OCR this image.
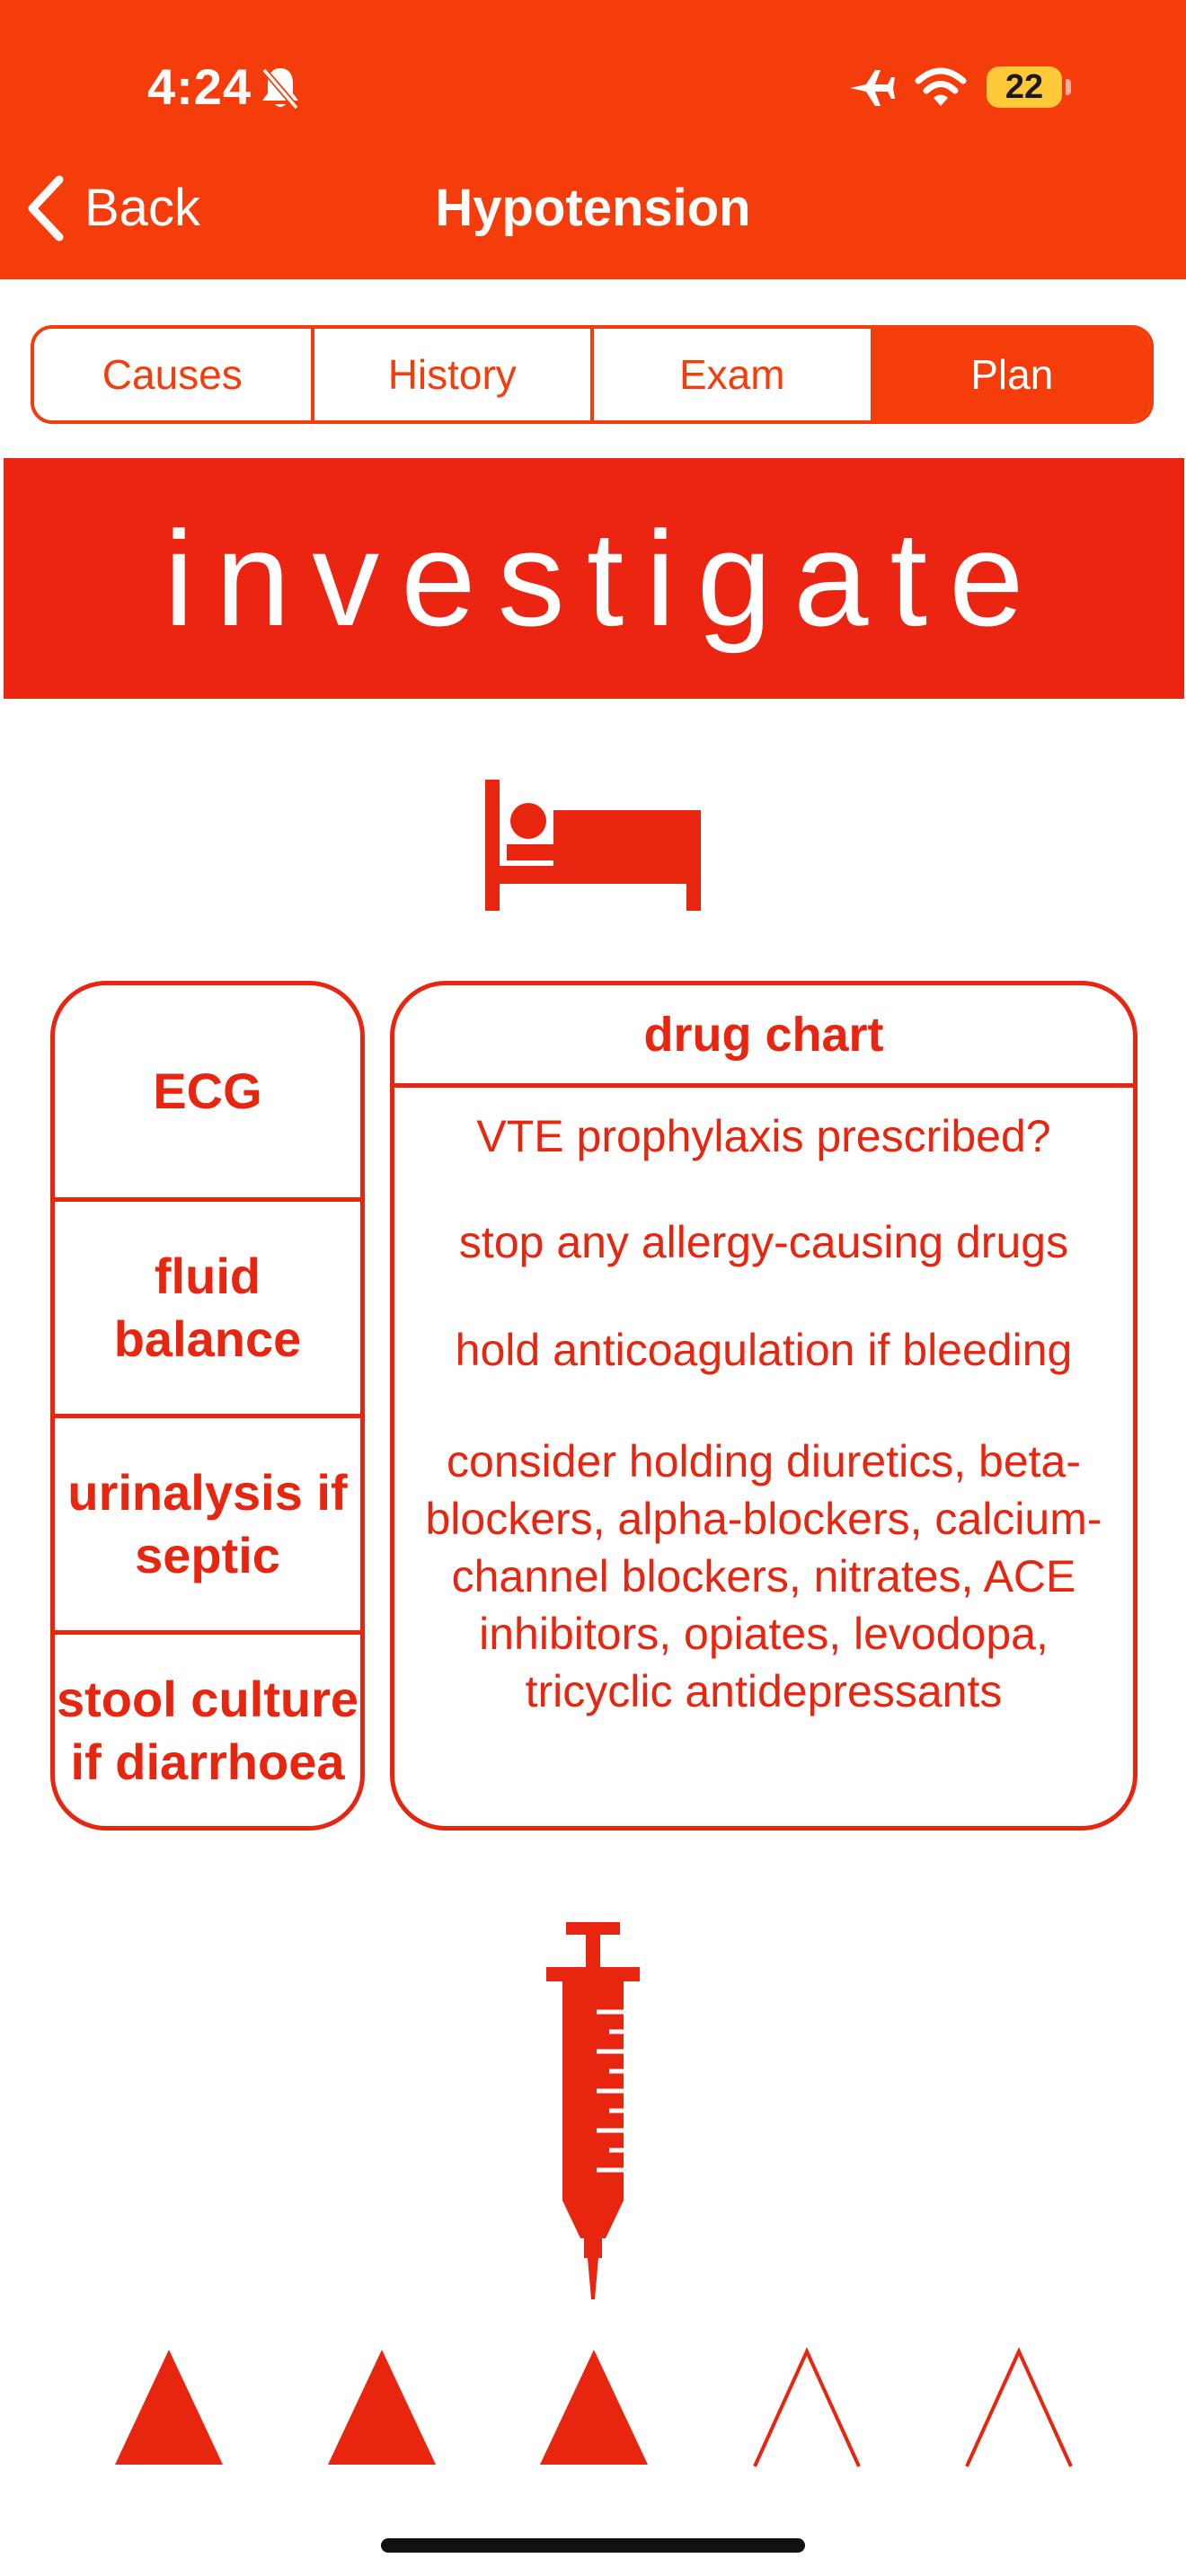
4:24	22
Back	Hypotension
Causes	History	Exam	Plan
investigate
ECG
fluid balance
urinalysis if septic
stool culture if diarrhoea
drug chart
VTE prophylaxis prescribed?
stop any allergy-causing drugs
hold anticoagulation if bleeding
consider holding diuretics, beta-blockers, alpha-blockers, calcium-channel blockers, nitrates, ACE inhibitors, opiates, levodopa, tricyclic antidepressants
